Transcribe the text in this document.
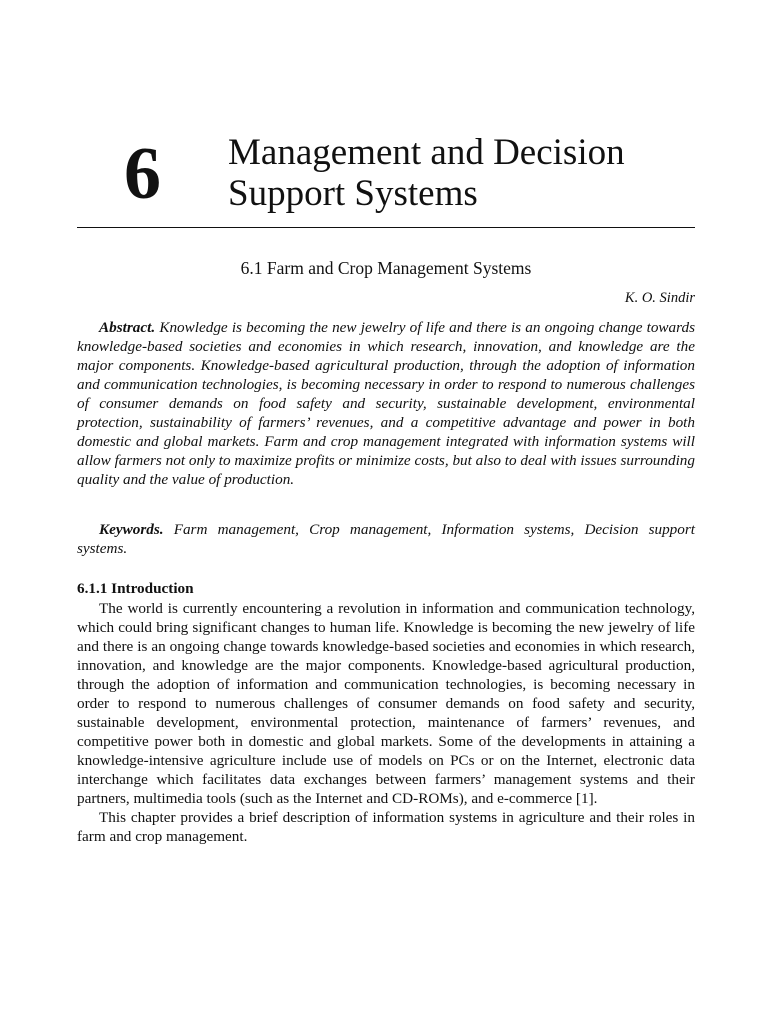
6 Management and Decision
Support Systems
6.1 Farm and Crop Management Systems
K. O. Sindir
Abstract. Knowledge is becoming the new jewelry of life and there is an ongoing change towards knowledge-based societies and economies in which research, innovation, and knowledge are the major components. Knowledge-based agricultural production, through the adoption of information and communication technologies, is becoming necessary in order to respond to numerous challenges of consumer demands on food safety and security, sustainable development, environmental protection, sustainability of farmers’ revenues, and a competitive advantage and power in both domestic and global markets. Farm and crop management integrated with information systems will allow farmers not only to maximize profits or minimize costs, but also to deal with issues surrounding quality and the value of production.
Keywords. Farm management, Crop management, Information systems, Decision support systems.
6.1.1 Introduction

The world is currently encountering a revolution in information and communication technology, which could bring significant changes to human life. Knowledge is becoming the new jewelry of life and there is an ongoing change towards knowledge-based societies and economies in which research, innovation, and knowledge are the major components. Knowledge-based agricultural production, through the adoption of information and communication technologies, is becoming necessary in order to respond to numerous challenges of consumer demands on food safety and security, sustainable development, environmental protection, maintenance of farmers’ revenues, and competitive power both in domestic and global markets. Some of the developments in attaining a knowledge-intensive agriculture include use of models on PCs or on the Internet, electronic data interchange which facilitates data exchanges between farmers’ management systems and their partners, multimedia tools (such as the Internet and CD-ROMs), and e-commerce [1].

This chapter provides a brief description of information systems in agriculture and their roles in farm and crop management.
